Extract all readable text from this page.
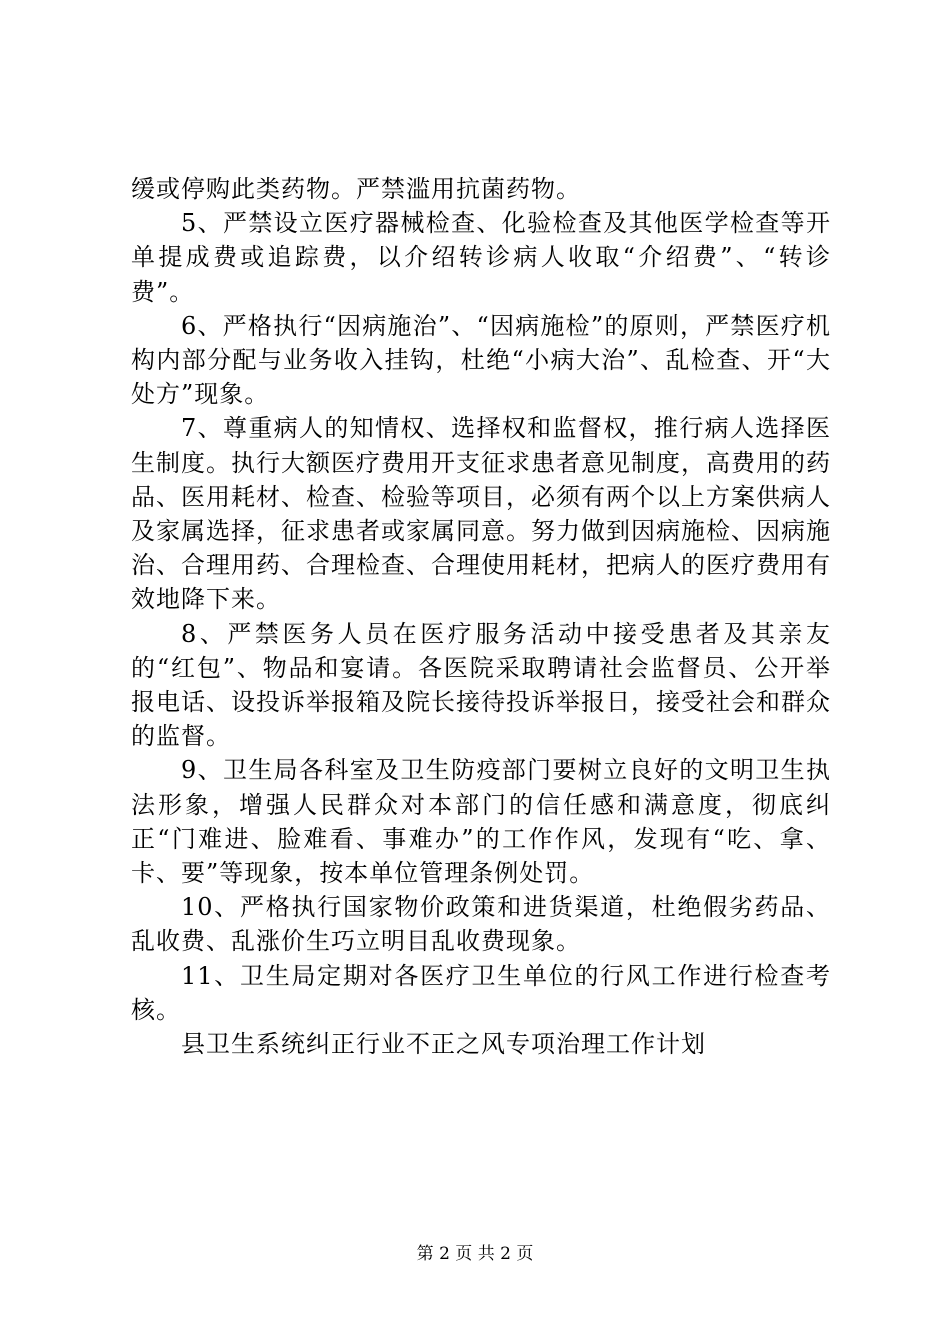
缓或停购此类药物。严禁滥用抗菌药物。

5、严禁设立医疗器械检查、化验检查及其他医学检查等开单提成费或追踪费，以介绍转诊病人收取“介绍费”、“转诊费”。

6、严格执行“因病施治”、“因病施检”的原则，严禁医疗机构内部分配与业务收入挂钩，杜绝“小病大治”、乱检查、开“大处方”现象。

7、尊重病人的知情权、选择权和监督权，推行病人选择医生制度。执行大额医疗费用开支征求患者意见制度，高费用的药品、医用耗材、检查、检验等项目，必须有两个以上方案供病人及家属选择，征求患者或家属同意。努力做到因病施检、因病施治、合理用药、合理检查、合理使用耗材，把病人的医疗费用有效地降下来。

8、严禁医务人员在医疗服务活动中接受患者及其亲友的“红包”、物品和宴请。各医院采取聘请社会监督员、公开举报电话、设投诉举报箱及院长接待投诉举报日，接受社会和群众的监督。

9、卫生局各科室及卫生防疫部门要树立良好的文明卫生执法形象，增强人民群众对本部门的信任感和满意度，彻底纠正“门难进、脸难看、事难办”的工作作风，发现有“吃、拿、卡、要”等现象，按本单位管理条例处罚。

10、严格执行国家物价政策和进货渠道，杜绝假劣药品、乱收费、乱涨价生巧立明目乱收费现象。

11、卫生局定期对各医疗卫生单位的行风工作进行检查考核。

县卫生系统纠正行业不正之风专项治理工作计划

第 2 页 共 2 页
